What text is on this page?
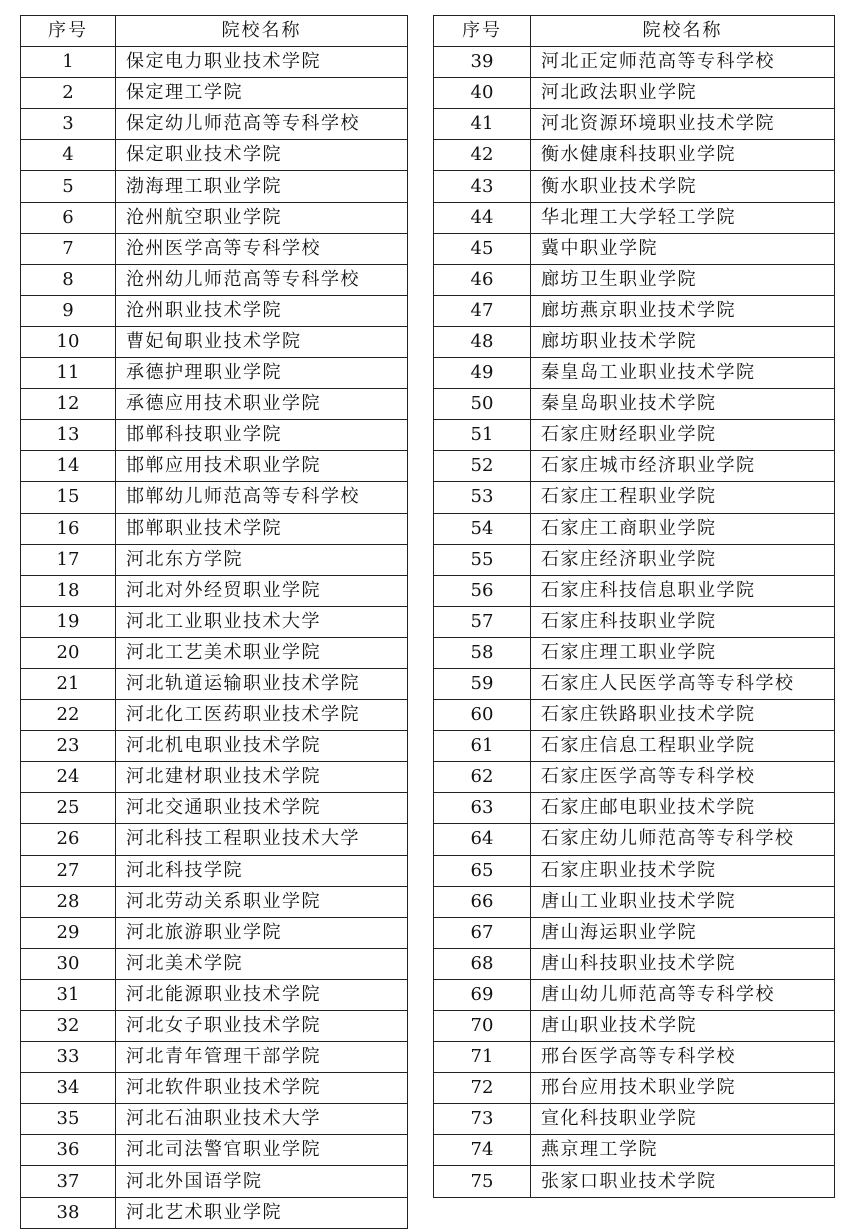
序号	院校名称
1	保定电力职业技术学院
2	保定理工学院
3	保定幼儿师范高等专科学校
4	保定职业技术学院
5	渤海理工职业学院
6	沧州航空职业学院
7	沧州医学高等专科学校
8	沧州幼儿师范高等专科学校
9	沧州职业技术学院
10	曹妃甸职业技术学院
11	承德护理职业学院
12	承德应用技术职业学院
13	邯郸科技职业学院
14	邯郸应用技术职业学院
15	邯郸幼儿师范高等专科学校
16	邯郸职业技术学院
17	河北东方学院
18	河北对外经贸职业学院
19	河北工业职业技术大学
20	河北工艺美术职业学院
21	河北轨道运输职业技术学院
22	河北化工医药职业技术学院
23	河北机电职业技术学院
24	河北建材职业技术学院
25	河北交通职业技术学院
26	河北科技工程职业技术大学
27	河北科技学院
28	河北劳动关系职业学院
29	河北旅游职业学院
30	河北美术学院
31	河北能源职业技术学院
32	河北女子职业技术学院
33	河北青年管理干部学院
34	河北软件职业技术学院
35	河北石油职业技术大学
36	河北司法警官职业学院
37	河北外国语学院
38	河北艺术职业学院
序号	院校名称
39	河北正定师范高等专科学校
40	河北政法职业学院
41	河北资源环境职业技术学院
42	衡水健康科技职业学院
43	衡水职业技术学院
44	华北理工大学轻工学院
45	冀中职业学院
46	廊坊卫生职业学院
47	廊坊燕京职业技术学院
48	廊坊职业技术学院
49	秦皇岛工业职业技术学院
50	秦皇岛职业技术学院
51	石家庄财经职业学院
52	石家庄城市经济职业学院
53	石家庄工程职业学院
54	石家庄工商职业学院
55	石家庄经济职业学院
56	石家庄科技信息职业学院
57	石家庄科技职业学院
58	石家庄理工职业学院
59	石家庄人民医学高等专科学校
60	石家庄铁路职业技术学院
61	石家庄信息工程职业学院
62	石家庄医学高等专科学校
63	石家庄邮电职业技术学院
64	石家庄幼儿师范高等专科学校
65	石家庄职业技术学院
66	唐山工业职业技术学院
67	唐山海运职业学院
68	唐山科技职业技术学院
69	唐山幼儿师范高等专科学校
70	唐山职业技术学院
71	邢台医学高等专科学校
72	邢台应用技术职业学院
73	宣化科技职业学院
74	燕京理工学院
75	张家口职业技术学院
